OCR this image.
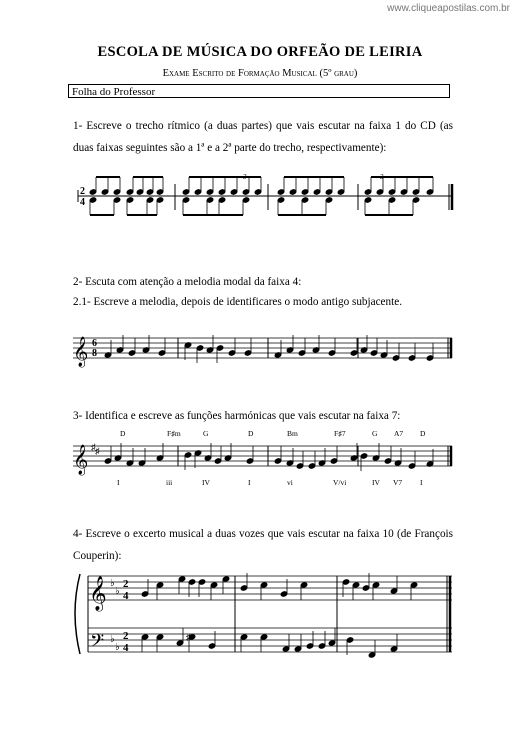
www.cliqueapostilas.com.br
ESCOLA DE MÚSICA DO ORFEÃO DE LEIRIA
Exame Escrito de Formação Musical (5º grau)
Folha do Professor
1- Escreve o trecho rítmico (a duas partes) que vais escutar na faixa 1 do CD (as duas faixas seguintes são a 1ª e a 2ª parte do trecho, respectivamente):
2
4
3	3
2- Escuta com atenção a melodia modal da faixa 4:
2.1- Escreve a melodia, depois de identificares o modo antigo subjacente.
𝄞 6
8
3- Identifica e escreve as funções harmónicas que vais escutar na faixa 7:
D	F♯m	G	D	Bm	F♯7	G A7 D
𝄞 ♯ ♯
I	iii	IV	I	vi	V/vi	IV V7 I
4- Escreve o excerto musical a duas vozes que vais escutar na faixa 10 (de François Couperin):
𝄞
𝄢
♭
♭
♭
♭
2
4
2
4
♯
